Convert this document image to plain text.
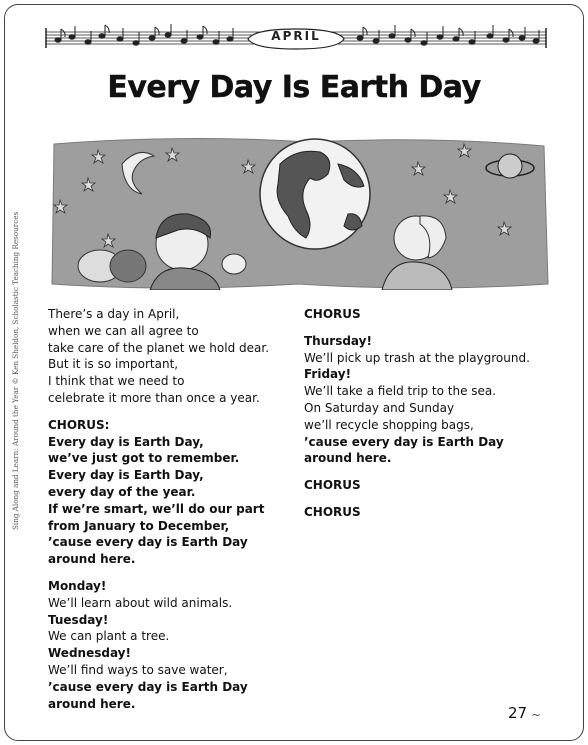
Sing Along and Learn: Around the Year © Ken Sheldon, Scholastic Teaching Resources
APRIL
Every Day Is Earth Day

There’s a day in April,

when we can all agree to

take care of the planet we hold dear.

But it is so important,

I think that we need to

celebrate it more than once a year.

CHORUS:

Every day is Earth Day,

we’ve just got to remember.

Every day is Earth Day,

every day of the year.

If we’re smart, we’ll do our part

from January to December,

’cause every day is Earth Day

around here.

Monday!

We’ll learn about wild animals.

Tuesday!

We can plant a tree.

Wednesday!

We’ll find ways to save water,

’cause every day is Earth Day

around here.

CHORUS

Thursday!

We’ll pick up trash at the playground.

Friday!

We’ll take a field trip to the sea.

On Saturday and Sunday

we’ll recycle shopping bags,

’cause every day is Earth Day

around here.

CHORUS

CHORUS

27 ~
